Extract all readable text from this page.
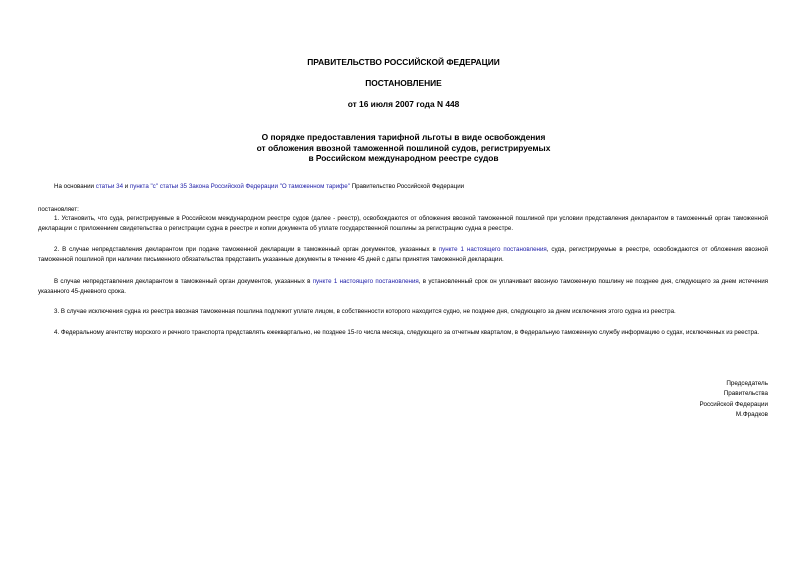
ПРАВИТЕЛЬСТВО РОССИЙСКОЙ ФЕДЕРАЦИИ

ПОСТАНОВЛЕНИЕ

от 16 июля 2007 года N 448

О порядке предоставления тарифной льготы в виде освобождения
от обложения ввозной таможенной пошлиной судов, регистрируемых
в Российском международном реестре судов

На основании статьи 34 и пункта "с" статьи 35 Закона Российской Федерации "О таможенном тарифе" Правительство Российской Федерации

постановляет:

1. Установить, что суда, регистрируемые в Российском международном реестре судов (далее - реестр), освобождаются от обложения ввозной таможенной пошлиной при условии представления декларантом в таможенный орган таможенной декларации с приложением свидетельства о регистрации судна в реестре и копии документа об уплате государственной пошлины за регистрацию судна в реестре.

2. В случае непредставления декларантом при подаче таможенной декларации в таможенный орган документов, указанных в пункте 1 настоящего постановления, суда, регистрируемые в реестре, освобождаются от обложения ввозной таможенной пошлиной при наличии письменного обязательства представить указанные документы в течение 45 дней с даты принятия таможенной декларации.

В случае непредставления декларантом в таможенный орган документов, указанных в пункте 1 настоящего постановления, в установленный срок он уплачивает ввозную таможенную пошлину не позднее дня, следующего за днем истечения указанного 45-дневного срока.

3. В случае исключения судна из реестра ввозная таможенная пошлина подлежит уплате лицом, в собственности которого находится судно, не позднее дня, следующего за днем исключения этого судна из реестра.

4. Федеральному агентству морского и речного транспорта представлять ежеквартально, не позднее 15-го числа месяца, следующего за отчетным кварталом, в Федеральную таможенную службу информацию о судах, исключенных из реестра.

Председатель
Правительства
Российской Федерации
М.Фрадков
